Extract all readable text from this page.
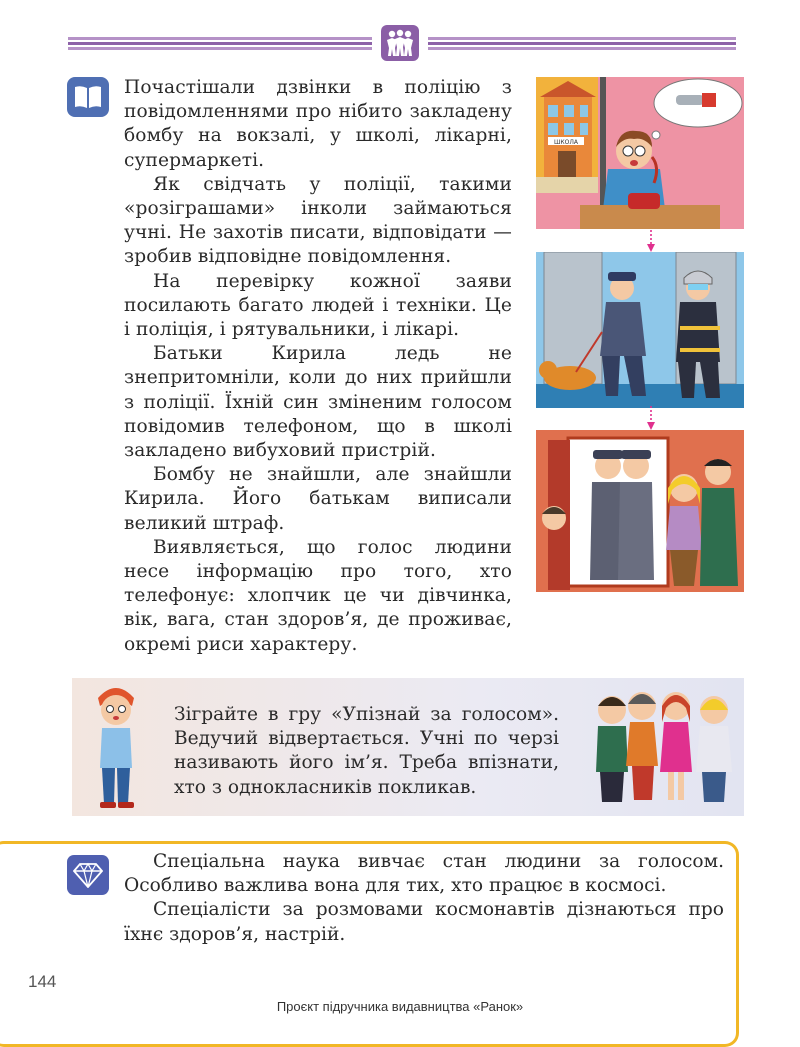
Почастішали дзвінки в поліцію з повідомленнями про нібито закладену бомбу на вокзалі, у школі, лікарні, супермаркеті.

Як свідчать у поліції, такими «розіграшами» інколи займаються учні. Не захотів писати, відповідати — зробив відповідне повідомлення.

На перевірку кожної заяви посилають багато людей і техніки. Це і поліція, і рятувальники, і лікарі.

Батьки Кирила ледь не знепритомніли, коли до них прийшли з поліції. Їхній син зміненим голосом повідомив телефоном, що в школі закладено вибуховий пристрій.

Бомбу не знайшли, але знайшли Кирила. Його батькам виписали великий штраф.

Виявляється, що голос людини несе інформацію про того, хто телефонує: хлопчик це чи дівчинка, вік, вага, стан здоров’я, де проживає, окремі риси характеру.

ШКОЛА
Зіграйте в гру «Упізнай за голосом». Ведучий відвертається. Учні по черзі називають його ім’я. Треба впізнати, хто з однокласників покликав.

Спеціальна наука вивчає стан людини за голосом. Особливо важлива вона для тих, хто працює в космосі.

Спеціалісти за розмовами космонавтів дізнаються про їхнє здоров’я, настрій.

144
Проєкт підручника видавництва «Ранок»
